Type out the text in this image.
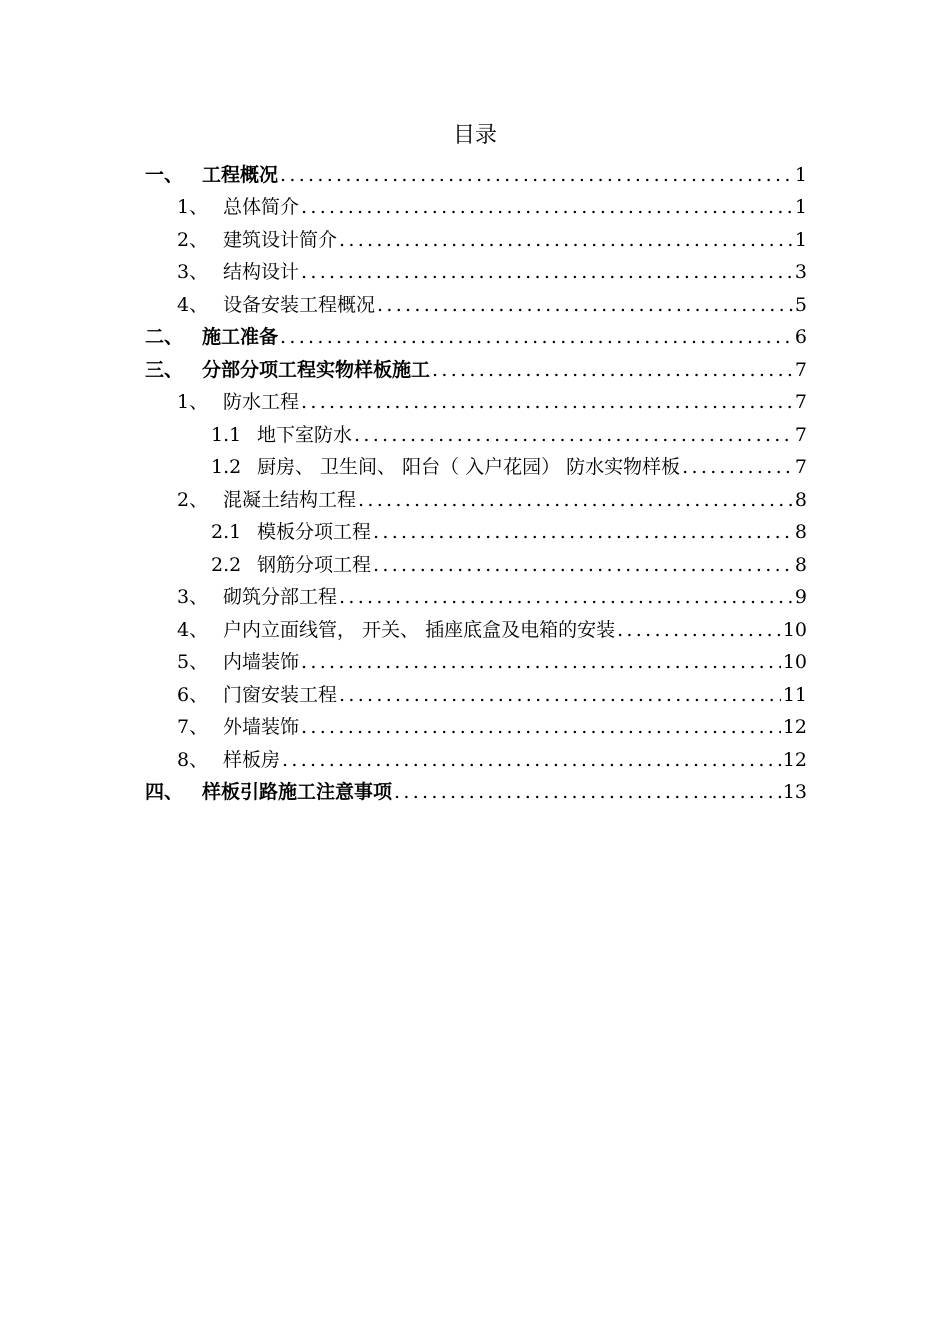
目录
一、 工程概况 .....	1
1、 总体简介 .....	1
2、 建筑设计简介 .....	1
3、 结构设计 .....	3
4、 设备安装工程概况 .....	5
二、 施工准备 .....	6
三、 分部分项工程实物样板施工 .....	7
1、 防水工程 .....	7
1.1 地下室防水 .....	7
1.2 厨房、 卫生间、 阳台（ 入户花园） 防水实物样板 .....	7
2、 混凝土结构工程 .....	8
2.1 模板分项工程 .....	8
2.2 钢筋分项工程 .....	8
3、 砌筑分部工程 .....	9
4、 户内立面线管， 开关、 插座底盒及电箱的安装 .....	10
5、 内墙装饰 .....	10
6、 门窗安装工程 .....	11
7、 外墙装饰 .....	12
8、 样板房 .....	12
四、 样板引路施工注意事项 .....	13
